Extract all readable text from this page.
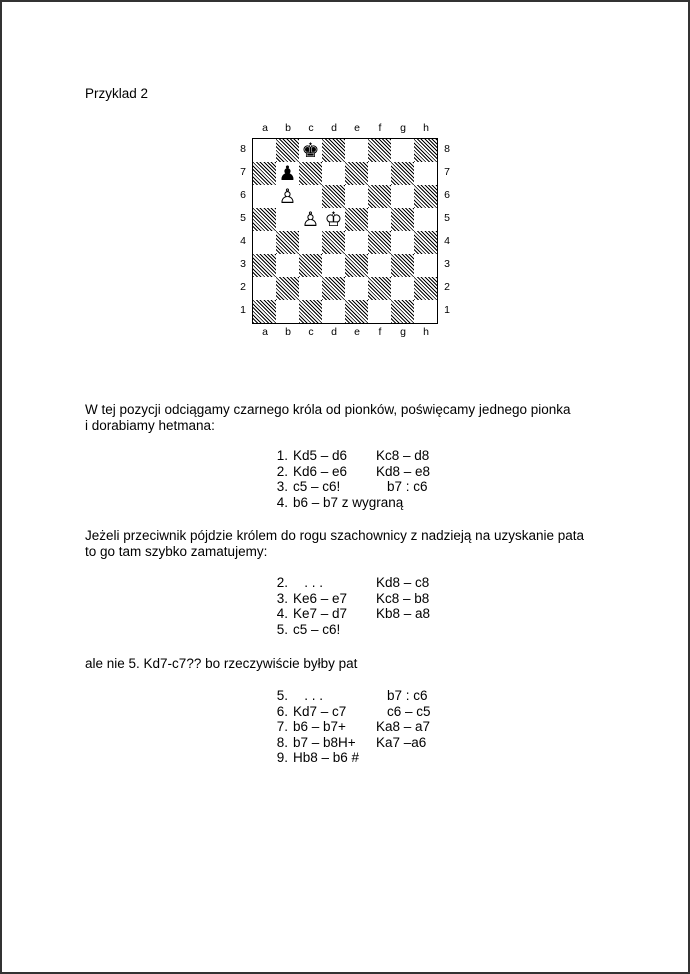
Przyklad 2
♚
♟
♙
♙ ♔
a
a
b
b
c
c
d
d
e
e
f
f
g
g
h
h
8	8
7	7
6	6
5	5
4	4
3	3
2	2
1	1
W tej pozycji odciągamy czarnego króla od pionków, poświęcamy jednego pionka
i dorabiamy hetmana:
1. Kd5 – d6 Kc8 – d8
2. Kd6 – e6 Kd8 – e8
3. c5 – c6!	b7 : c6
4. b6 – b7 z wygraną
Jeżeli przeciwnik pójdzie królem do rogu szachownicy z nadzieją na uzyskanie pata
to go tam szybko zamatujemy:
2. . . .	Kd8 – c8
3. Ke6 – e7 Kc8 – b8
4. Ke7 – d7 Kb8 – a8
5. c5 – c6!
ale nie 5. Kd7-c7?? bo rzeczywiście byłby pat
5. . . .	b7 : c6
6. Kd7 – c7	c6 – c5
7. b6 – b7+ Ka8 – a7
8. b7 – b8H+ Ka7 –a6
9. Hb8 – b6 #
